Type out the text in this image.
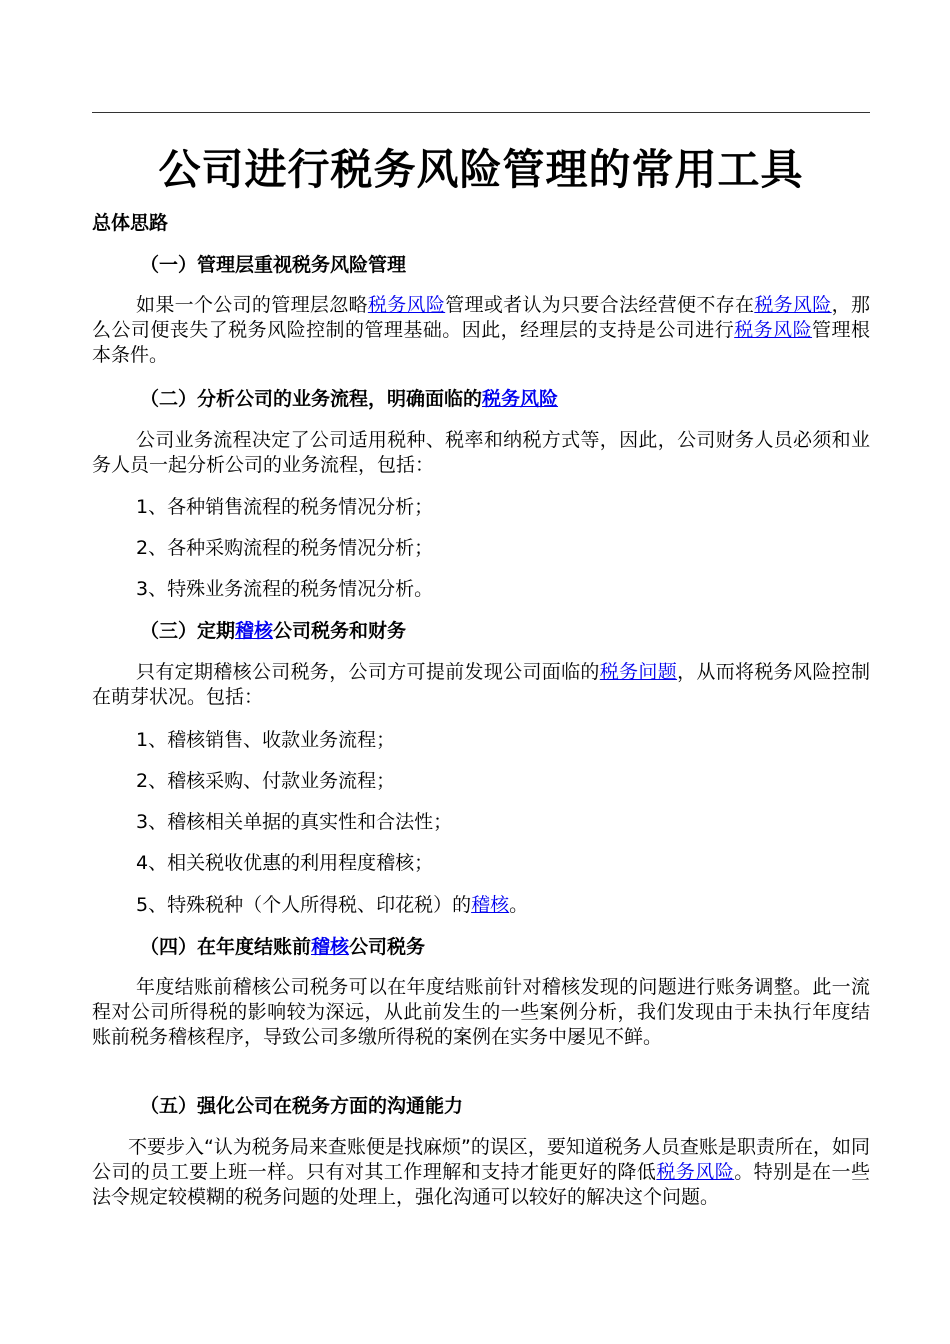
公司进行税务风险管理的常用工具

总体思路

（一）管理层重视税务风险管理

如果一个公司的管理层忽略税务风险管理或者认为只要合法经营便不存在税务风险，那么公司便丧失了税务风险控制的管理基础。因此，经理层的支持是公司进行税务风险管理根本条件。

（二）分析公司的业务流程，明确面临的税务风险

公司业务流程决定了公司适用税种、税率和纳税方式等，因此，公司财务人员必须和业务人员一起分析公司的业务流程，包括：

1、各种销售流程的税务情况分析；

2、各种采购流程的税务情况分析；

3、特殊业务流程的税务情况分析。

（三）定期稽核公司税务和财务

只有定期稽核公司税务，公司方可提前发现公司面临的税务问题，从而将税务风险控制在萌芽状况。包括：

1、稽核销售、收款业务流程；

2、稽核采购、付款业务流程；

3、稽核相关单据的真实性和合法性；

4、相关税收优惠的利用程度稽核；

5、特殊税种（个人所得税、印花税）的稽核。

（四）在年度结账前稽核公司税务

年度结账前稽核公司税务可以在年度结账前针对稽核发现的问题进行账务调整。此一流程对公司所得税的影响较为深远，从此前发生的一些案例分析，我们发现由于未执行年度结账前税务稽核程序，导致公司多缴所得税的案例在实务中屡见不鲜。

（五）强化公司在税务方面的沟通能力

不要步入“认为税务局来查账便是找麻烦”的误区，要知道税务人员查账是职责所在，如同公司的员工要上班一样。只有对其工作理解和支持才能更好的降低税务风险。特别是在一些法令规定较模糊的税务问题的处理上，强化沟通可以较好的解决这个问题。
